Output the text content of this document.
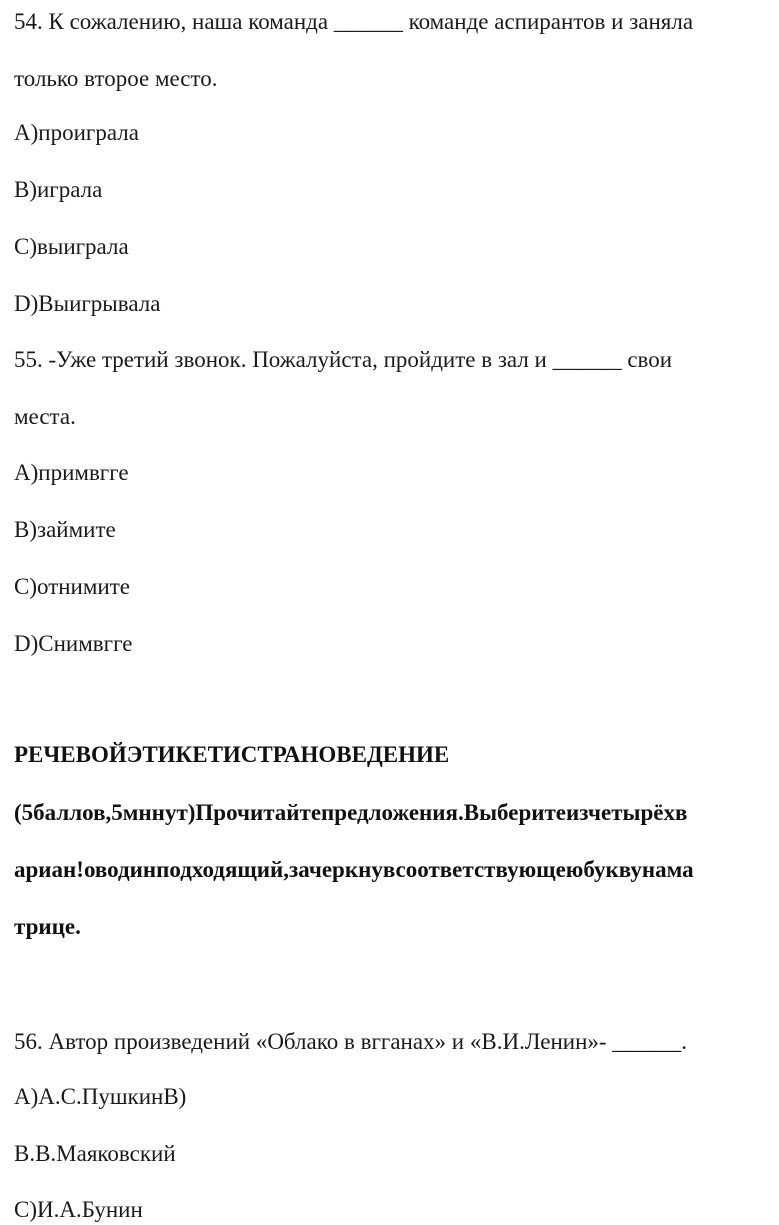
54. К сожалению, наша команда ______ команде аспирантов и заняла
только второе место.
A)проиграла
B)играла
C)выиграла
D)Выигрывала
55. -Уже третий звонок. Пожалуйста, пройдите в зал и ______ свои
места.
A)примвгге
B)займите
C)отнимите
D)Снимвгге
РЕЧЕВОЙЭТИКЕТИСТРАНОВЕДЕНИЕ
(5баллов,5мннут)Прочитайтепредложения.Выберитеизчетырёхв
ариан!оводинподходящий,зачеркнувсоответствующеюбуквунама
трице.
56. Автор произведений «Облако в вгганах» и «В.И.Ленин»- ______.
A)А.С.ПушкинB)
В.В.Маяковский
C)И.А.Бунин
